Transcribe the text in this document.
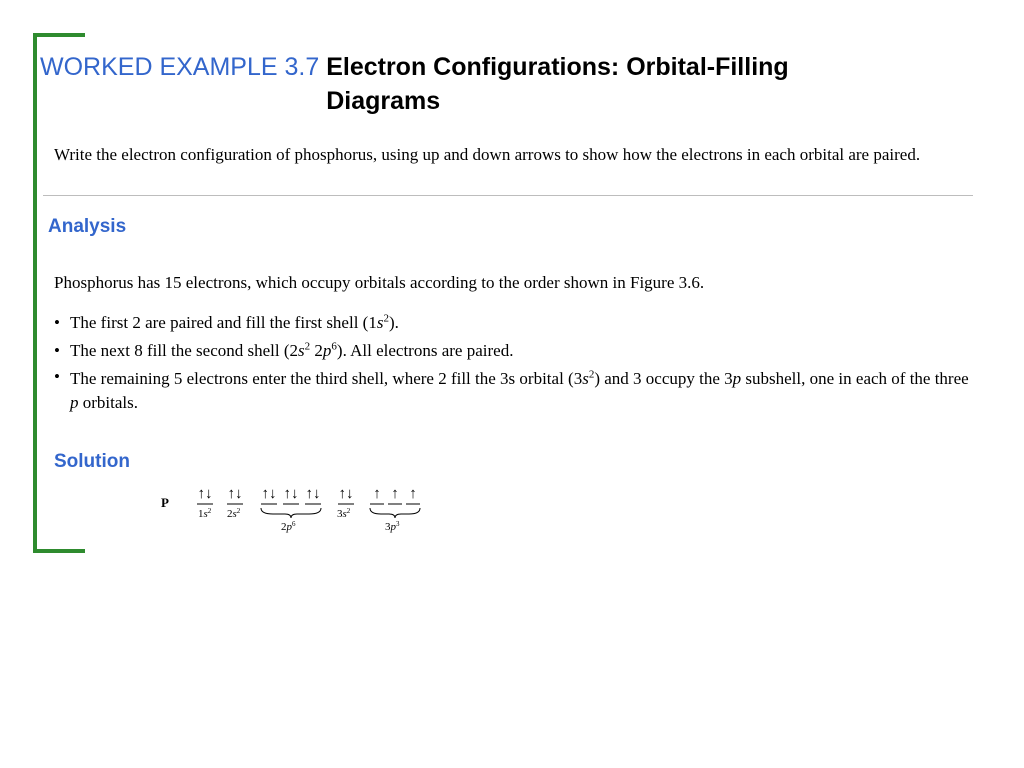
WORKED EXAMPLE 3.7 Electron Configurations: Orbital-Filling Diagrams
Write the electron configuration of phosphorus, using up and down arrows to show how the electrons in each orbital are paired.
Analysis
Phosphorus has 15 electrons, which occupy orbitals according to the order shown in Figure 3.6.
• The first 2 are paired and fill the first shell $(1s^2)$.
• The next 8 fill the second shell ($2s^2$ $2p^6$). All electrons are paired.
• The remaining 5 electrons enter the third shell, where 2 fill the 3s orbital $(3s^2)$ and 3 occupy the 3p subshell, one in each of the three p orbitals.
Solution
P
↑↓
$1s^2$
↑↓
$2s^2$
↑↓ ↑↓ ↑↓
$2p^6$
↑↓
$3s^2$
↑ ↑ ↑
$3p^3$
